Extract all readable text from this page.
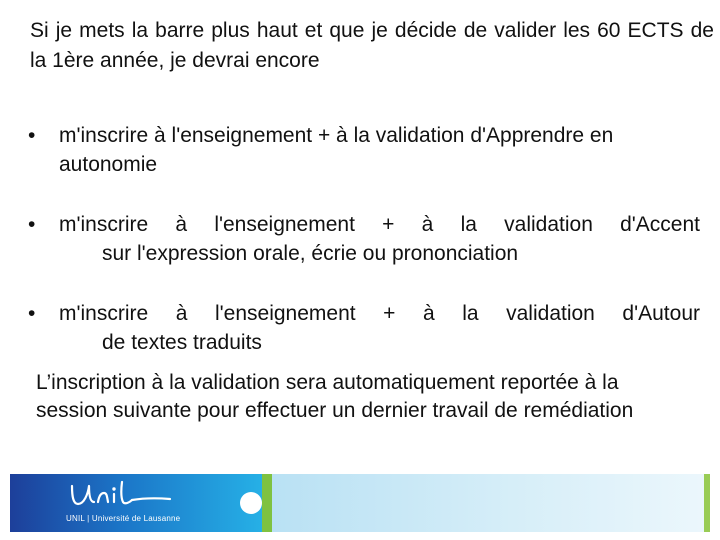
Si je mets la barre plus haut et que je décide de valider les 60 ECTS de la 1ère année, je devrai encore

• m'inscrire à l'enseignement + à la validation d'Apprendre en
autonomie
• m'inscrire à l'enseignement + à la validation d'Accent
sur l'expression orale, écrie ou prononciation
• m'inscrire à l'enseignement + à la validation d'Autour
de textes traduits

L’inscription à la validation sera automatiquement reportée à la session suivante pour effectuer un dernier travail de remédiation

UNIL | Université de Lausanne
